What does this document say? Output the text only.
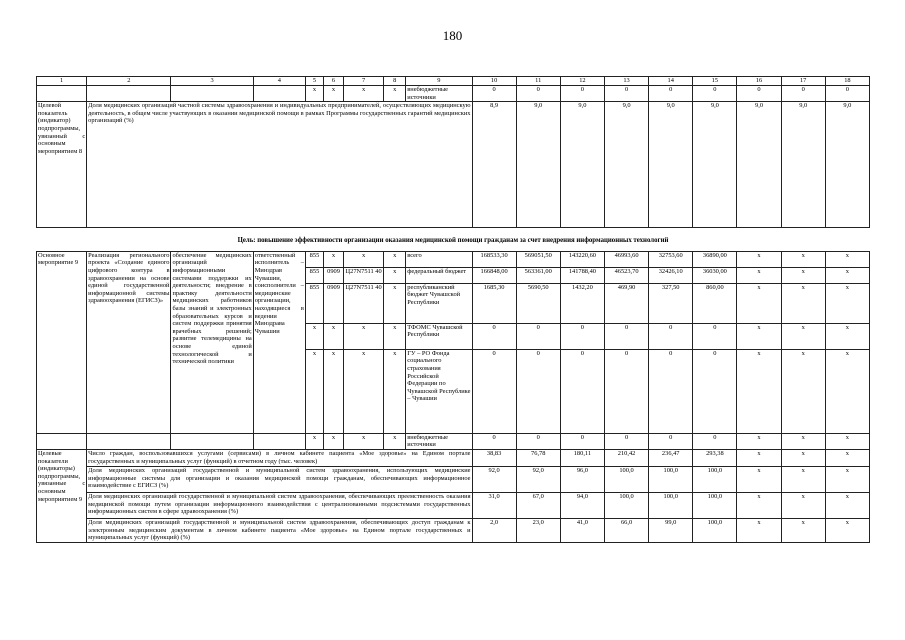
180
1	2	3	4	5	6	7	8	9	10	11	12	13	14	15	16	17	18
				х	х	х	х	внебюджетные источники	0	0	0	0	0	0	0	0	0
Целевой показатель (индикатор) подпрограммы, увязанный с основным мероприятием 8	Доля медицинских организаций частной системы здравоохранения и индивидуальных предпринимателей, осуществляющих медицинскую деятельность, в общем числе участвующих в оказании медицинской помощи в рамках Программы государственных гарантий медицинских организаций (%)								8,9	9,0	9,0	9,0	9,0	9,0	9,0	9,0	9,0
Цель: повышение эффективности организации оказания медицинской помощи гражданам за счет внедрения информационных технологий																	
Основное мероприятие 9	Реализация регионального проекта «Создание единого цифрового контура в здравоохранении на основе единой государственной информационной системы здравоохранения (ЕГИСЗ)»	обеспечение медицинских организаций информационными системами поддержки их деятельности; внедрение в практику деятельности медицинских работников базы знаний и электронных образовательных курсов и систем поддержки принятия врачебных решений; развитие телемедицины на основе единой технологической и технической политики	ответственный исполнитель – Минздрав Чувашии, соисполнители – медицинские организации, находящиеся в ведении Минздрава Чувашии	855	х	х	х	всего	168533,30	569051,50	143220,60	46993,60	32753,60	36890,00	х	х	х
				855	0909	Ц27N7511 40	х	федеральный бюджет	166848,00	563361,00	141788,40	46523,70	32426,10	36030,00	х	х	х
				855	0909	Ц27N7511 40	х	республиканский бюджет Чувашской Республики	1685,30	5690,50	1432,20	469,90	327,50	860,00	х	х	х
				х	х	х	х	ТФОМС Чувашской Республики	0	0	0	0	0	0	х	х	х
				х	х	х	х	ГУ – РО Фонда социального страхования Российской Федерации по Чувашской Республике – Чувашии	0	0	0	0	0	0	х	х	х
				х	х	х	х	внебюджетные источники	0	0	0	0	0	0	х	х	х
Целевые показатели (индикаторы) подпрограммы, увязанные с основным мероприятием 9	Число граждан, воспользовавшихся услугами (сервисами) в личном кабинете пациента «Мое здоровье» на Едином портале государственных и муниципальных услуг (функций) в отчетном году (тыс. человек)								38,83	76,78	180,11	210,42	236,47	293,38	х	х	х
	Доля медицинских организаций государственной и муниципальной систем здравоохранения, использующих медицинские информационные системы для организации и оказания медицинской помощи гражданам, обеспечивающих информационное взаимодействие с ЕГИСЗ (%)								92,0	92,0	96,0	100,0	100,0	100,0	х	х	х
	Доля медицинских организаций государственной и муниципальной систем здравоохранения, обеспечивающих преемственность оказания медицинской помощи путем организации информационного взаимодействия с централизованными подсистемами государственных информационных систем в сфере здравоохранения (%)								31,0	67,0	94,0	100,0	100,0	100,0	х	х	х
	Доля медицинских организаций государственной и муниципальной систем здравоохранения, обеспечивающих доступ гражданам к электронным медицинским документам в личном кабинете пациента «Мое здоровье» на Едином портале государственных и муниципальных услуг (функций) (%)								2,0	23,0	41,0	66,0	99,0	100,0	х	х	х
